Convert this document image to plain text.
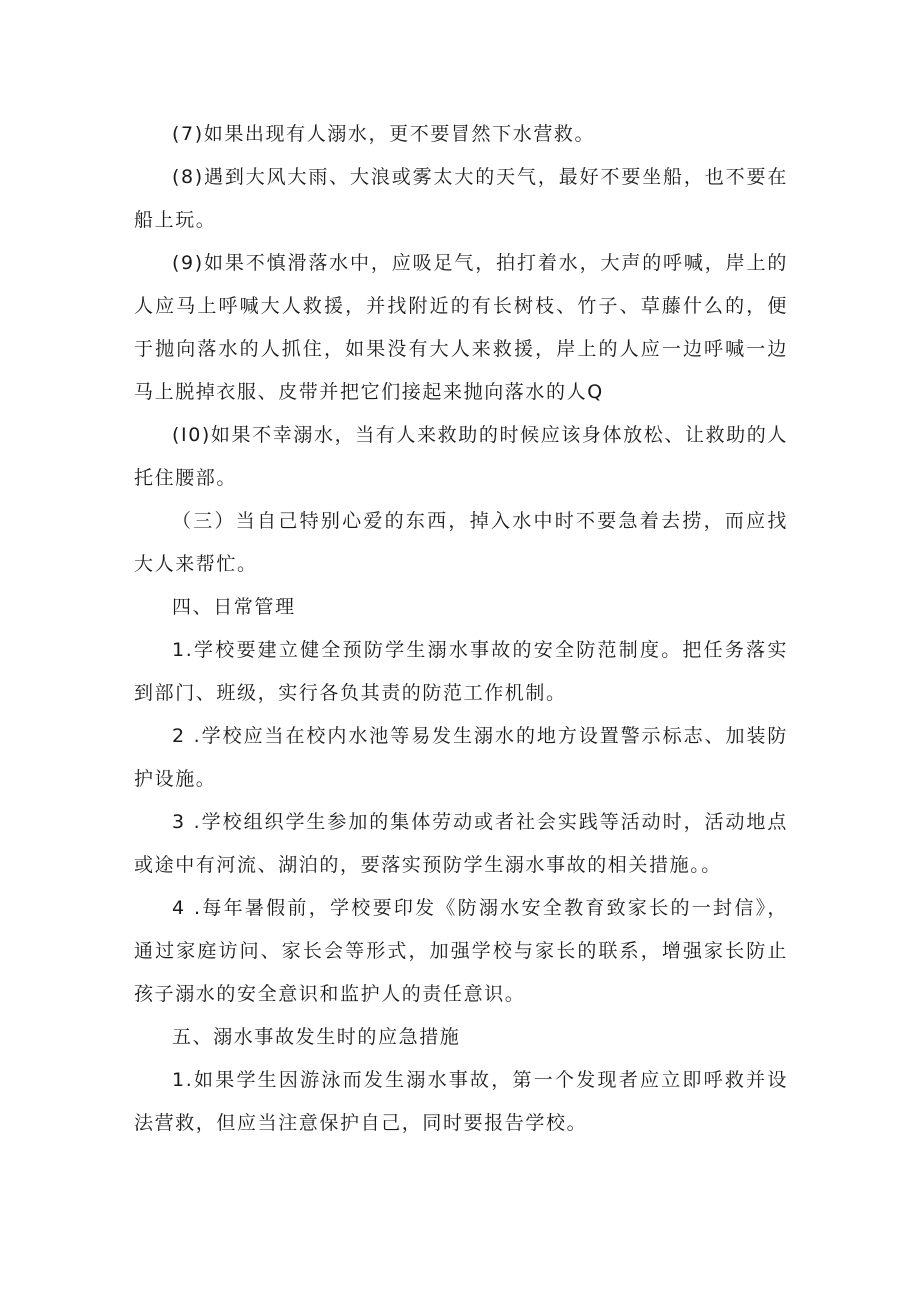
(7)如果出现有人溺水，更不要冒然下水营救。

(8)遇到大风大雨、大浪或雾太大的天气，最好不要坐船，也不要在船上玩。

(9)如果不慎滑落水中，应吸足气，拍打着水，大声的呼喊，岸上的人应马上呼喊大人救援，并找附近的有长树枝、竹子、草藤什么的，便于抛向落水的人抓住，如果没有大人来救援，岸上的人应一边呼喊一边马上脱掉衣服、皮带并把它们接起来抛向落水的人Q

(I0)如果不幸溺水，当有人来救助的时候应该身体放松、让救助的人托住腰部。

（三）当自己特别心爱的东西，掉入水中时不要急着去捞，而应找大人来帮忙。

四、日常管理

1.学校要建立健全预防学生溺水事故的安全防范制度。把任务落实到部门、班级，实行各负其责的防范工作机制。

2 .学校应当在校内水池等易发生溺水的地方设置警示标志、加装防护设施。

3 .学校组织学生参加的集体劳动或者社会实践等活动时，活动地点或途中有河流、湖泊的，要落实预防学生溺水事故的相关措施。。

4 .每年暑假前，学校要印发《防溺水安全教育致家长的一封信》，通过家庭访问、家长会等形式，加强学校与家长的联系，增强家长防止孩子溺水的安全意识和监护人的责任意识。

五、溺水事故发生时的应急措施

1.如果学生因游泳而发生溺水事故，第一个发现者应立即呼救并设法营救，但应当注意保护自己，同时要报告学校。
